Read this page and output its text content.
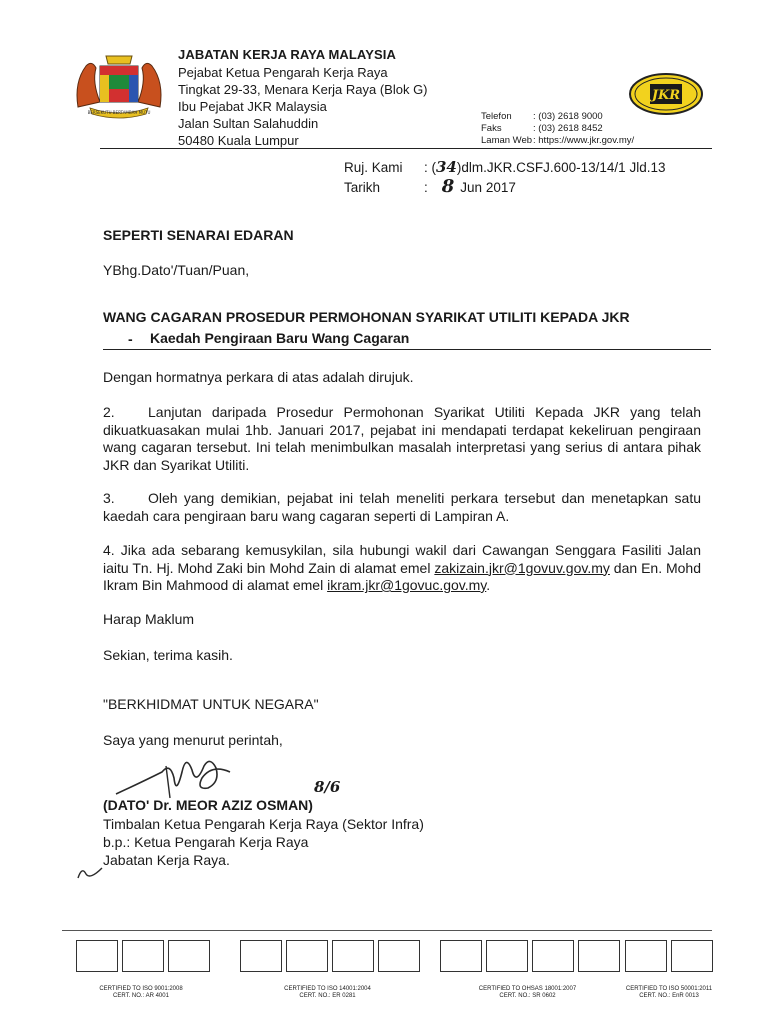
BERSEKUTU BERTAMBAH MUTU
JABATAN KERJA RAYA MALAYSIA
Pejabat Ketua Pengarah Kerja Raya
Tingkat 29-33, Menara Kerja Raya (Blok G)
Ibu Pejabat JKR Malaysia
Jalan Sultan Salahuddin
50480 Kuala Lumpur
Telefon : (03) 2618 9000
Faks	: (03) 2618 8452
Laman Web: https://www.jkr.gov.my/
JKR
Ruj. Kami : (34)dlm.JKR.CSFJ.600-13/14/1 Jld.13
Tarikh	: 8 Jun 2017
SEPERTI SENARAI EDARAN
YBhg.Dato'/Tuan/Puan,
WANG CAGARAN PROSEDUR PERMOHONAN SYARIKAT UTILITI KEPADA JKR
- Kaedah Pengiraan Baru Wang Cagaran
Dengan hormatnya perkara di atas adalah dirujuk.
2. Lanjutan daripada Prosedur Permohonan Syarikat Utiliti Kepada JKR yang telah dikuatkuasakan mulai 1hb. Januari 2017, pejabat ini mendapati terdapat kekeliruan pengiraan wang cagaran tersebut. Ini telah menimbulkan masalah interpretasi yang serius di antara pihak JKR dan Syarikat Utiliti.
3. Oleh yang demikian, pejabat ini telah meneliti perkara tersebut dan menetapkan satu kaedah cara pengiraan baru wang cagaran seperti di Lampiran A.
4. Jika ada sebarang kemusykilan, sila hubungi wakil dari Cawangan Senggara Fasiliti Jalan iaitu Tn. Hj. Mohd Zaki bin Mohd Zain di alamat emel zakizain.jkr@1govuv.gov.my dan En. Mohd Ikram Bin Mahmood di alamat emel ikram.jkr@1govuc.gov.my.
Harap Maklum
Sekian, terima kasih.
"BERKHIDMAT UNTUK NEGARA"
Saya yang menurut perintah,
8/6
(DATO' Dr. MEOR AZIZ OSMAN)
Timbalan Ketua Pengarah Kerja Raya (Sektor Infra)
b.p.: Ketua Pengarah Kerja Raya
Jabatan Kerja Raya.
CERTIFIED TO ISO 9001:2008
CERT. NO.: AR 4001
CERTIFIED TO ISO 14001:2004
CERT. NO.: ER 0281
CERTIFIED TO OHSAS 18001:2007
CERT. NO.: SR 0602
CERTIFIED TO ISO 50001:2011
CERT. NO.: EnR 0013
